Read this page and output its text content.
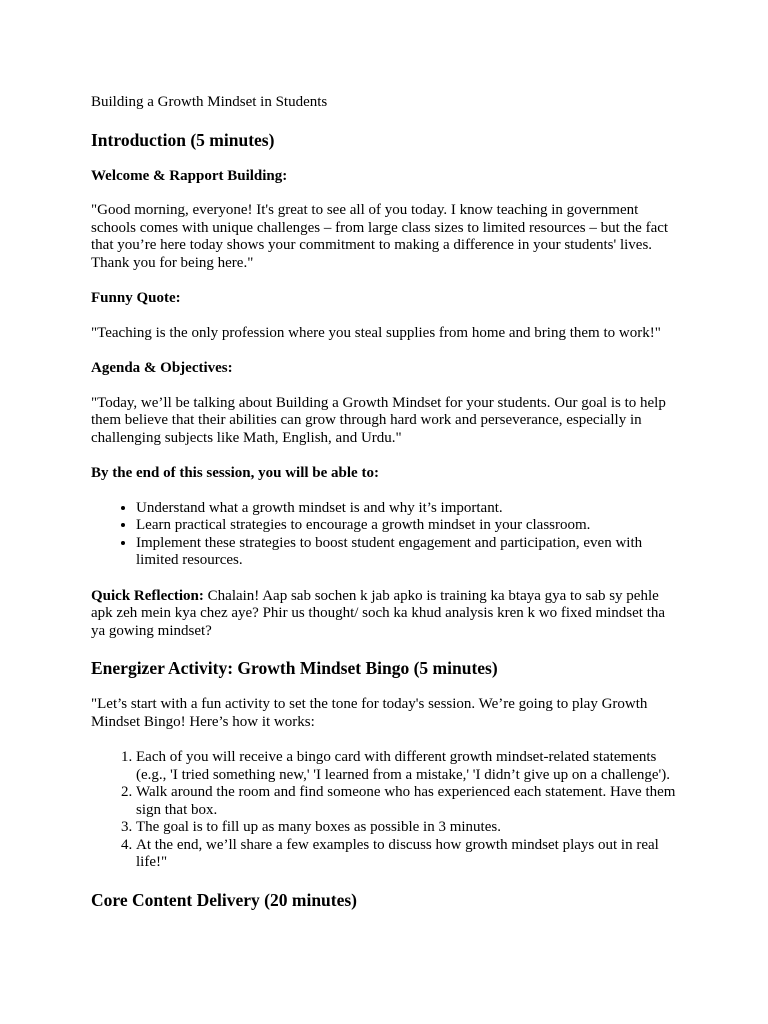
Building a Growth Mindset in Students

Introduction (5 minutes)
Welcome & Rapport Building:

"Good morning, everyone! It's great to see all of you today. I know teaching in government schools comes with unique challenges – from large class sizes to limited resources – but the fact that you’re here today shows your commitment to making a difference in your students' lives. Thank you for being here."

Funny Quote:

"Teaching is the only profession where you steal supplies from home and bring them to work!"

Agenda & Objectives:

"Today, we’ll be talking about Building a Growth Mindset for your students. Our goal is to help them believe that their abilities can grow through hard work and perseverance, especially in challenging subjects like Math, English, and Urdu."

By the end of this session, you will be able to:
• Understand what a growth mindset is and why it’s important.
• Learn practical strategies to encourage a growth mindset in your classroom.
• Implement these strategies to boost student engagement and participation, even with limited resources.

Quick Reflection: Chalain! Aap sab sochen k jab apko is training ka btaya gya to sab sy pehle apk zeh mein kya chez aye? Phir us thought/ soch ka khud analysis kren k wo fixed mindset tha ya gowing mindset?

Energizer Activity: Growth Mindset Bingo (5 minutes)

"Let’s start with a fun activity to set the tone for today's session. We’re going to play Growth Mindset Bingo! Here’s how it works:

1. Each of you will receive a bingo card with different growth mindset-related statements (e.g., 'I tried something new,' 'I learned from a mistake,' 'I didn’t give up on a challenge').
2. Walk around the room and find someone who has experienced each statement. Have them sign that box.
3. The goal is to fill up as many boxes as possible in 3 minutes.
4. At the end, we’ll share a few examples to discuss how growth mindset plays out in real life!"
Core Content Delivery (20 minutes)
